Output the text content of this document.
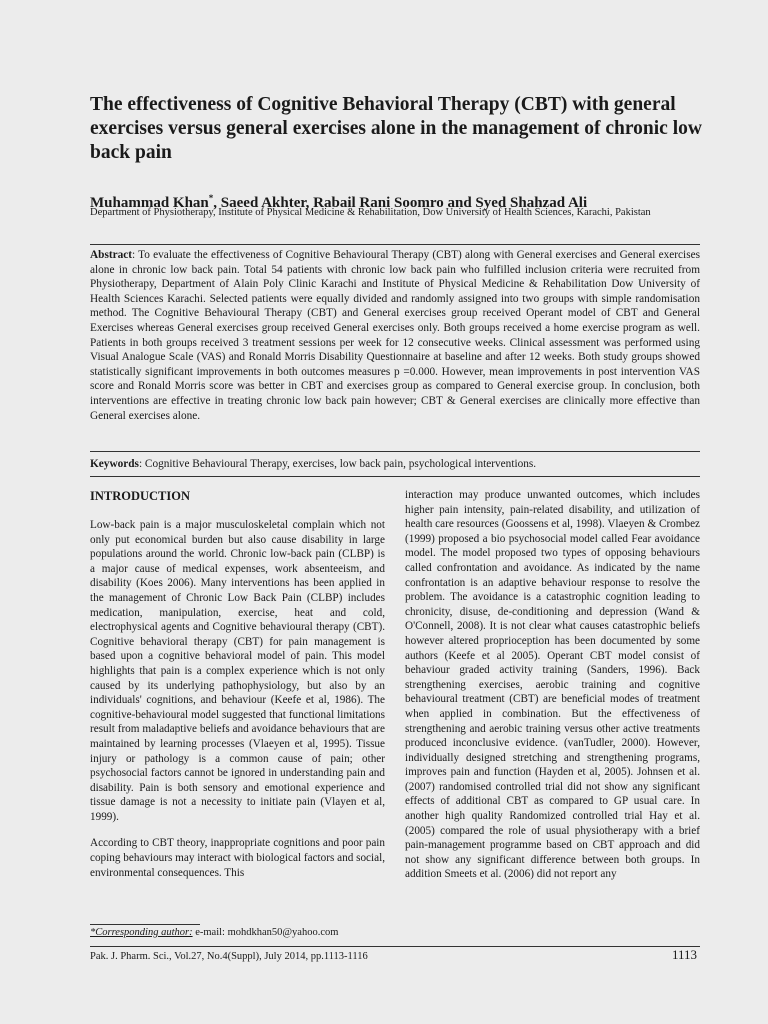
The effectiveness of Cognitive Behavioral Therapy (CBT) with general exercises versus general exercises alone in the management of chronic low back pain

Muhammad Khan*, Saeed Akhter, Rabail Rani Soomro and Syed Shahzad Ali

Department of Physiotherapy, Institute of Physical Medicine & Rehabilitation, Dow University of Health Sciences, Karachi, Pakistan

Abstract: To evaluate the effectiveness of Cognitive Behavioural Therapy (CBT) along with General exercises and General exercises alone in chronic low back pain. Total 54 patients with chronic low back pain who fulfilled inclusion criteria were recruited from Physiotherapy, Department of Alain Poly Clinic Karachi and Institute of Physical Medicine & Rehabilitation Dow University of Health Sciences Karachi. Selected patients were equally divided and randomly assigned into two groups with simple randomisation method. The Cognitive Behavioural Therapy (CBT) and General exercises group received Operant model of CBT and General Exercises whereas General exercises group received General exercises only. Both groups received a home exercise program as well. Patients in both groups received 3 treatment sessions per week for 12 consecutive weeks. Clinical assessment was performed using Visual Analogue Scale (VAS) and Ronald Morris Disability Questionnaire at baseline and after 12 weeks. Both study groups showed statistically significant improvements in both outcomes measures p =0.000. However, mean improvements in post intervention VAS score and Ronald Morris score was better in CBT and exercises group as compared to General exercise group. In conclusion, both interventions are effective in treating chronic low back pain however; CBT & General exercises are clinically more effective than General exercises alone.

Keywords: Cognitive Behavioural Therapy, exercises, low back pain, psychological interventions.

INTRODUCTION

Low-back pain is a major musculoskeletal complain which not only put economical burden but also cause disability in large populations around the world. Chronic low-back pain (CLBP) is a major cause of medical expenses, work absenteeism, and disability (Koes 2006). Many interventions has been applied in the management of Chronic Low Back Pain (CLBP) includes medication, manipulation, exercise, heat and cold, electrophysical agents and Cognitive behavioural therapy (CBT). Cognitive behavioral therapy (CBT) for pain management is based upon a cognitive behavioral model of pain. This model highlights that pain is a complex experience which is not only caused by its underlying pathophysiology, but also by an individuals' cognitions, and behaviour (Keefe et al, 1986). The cognitive-behavioural model suggested that functional limitations result from maladaptive beliefs and avoidance behaviours that are maintained by learning processes (Vlaeyen et al, 1995). Tissue injury or pathology is a common cause of pain; other psychosocial factors cannot be ignored in understanding pain and disability. Pain is both sensory and emotional experience and tissue damage is not a necessity to initiate pain (Vlayen et al, 1999).

According to CBT theory, inappropriate cognitions and poor pain coping behaviours may interact with biological factors and social, environmental consequences. This

interaction may produce unwanted outcomes, which includes higher pain intensity, pain-related disability, and utilization of health care resources (Goossens et al, 1998). Vlaeyen & Crombez (1999) proposed a bio psychosocial model called Fear avoidance model. The model proposed two types of opposing behaviours called confrontation and avoidance. As indicated by the name confrontation is an adaptive behaviour response to resolve the problem. The avoidance is a catastrophic cognition leading to chronicity, disuse, de-conditioning and depression (Wand & O'Connell, 2008). It is not clear what causes catastrophic beliefs however altered proprioception has been documented by some authors (Keefe et al 2005). Operant CBT model consist of behaviour graded activity training (Sanders, 1996). Back strengthening exercises, aerobic training and cognitive behavioural treatment (CBT) are beneficial modes of treatment when applied in combination. But the effectiveness of strengthening and aerobic training versus other active treatments produced inconclusive evidence. (vanTudler, 2000). However, individually designed stretching and strengthening programs, improves pain and function (Hayden et al, 2005). Johnsen et al. (2007) randomised controlled trial did not show any significant effects of additional CBT as compared to GP usual care. In another high quality Randomized controlled trial Hay et al. (2005) compared the role of usual physiotherapy with a brief pain-management programme based on CBT approach and did not show any significant difference between both groups. In addition Smeets et al. (2006) did not report any

*Corresponding author: e-mail: mohdkhan50@yahoo.com

Pak. J. Pharm. Sci., Vol.27, No.4(Suppl), July 2014, pp.1113-1116	1113
